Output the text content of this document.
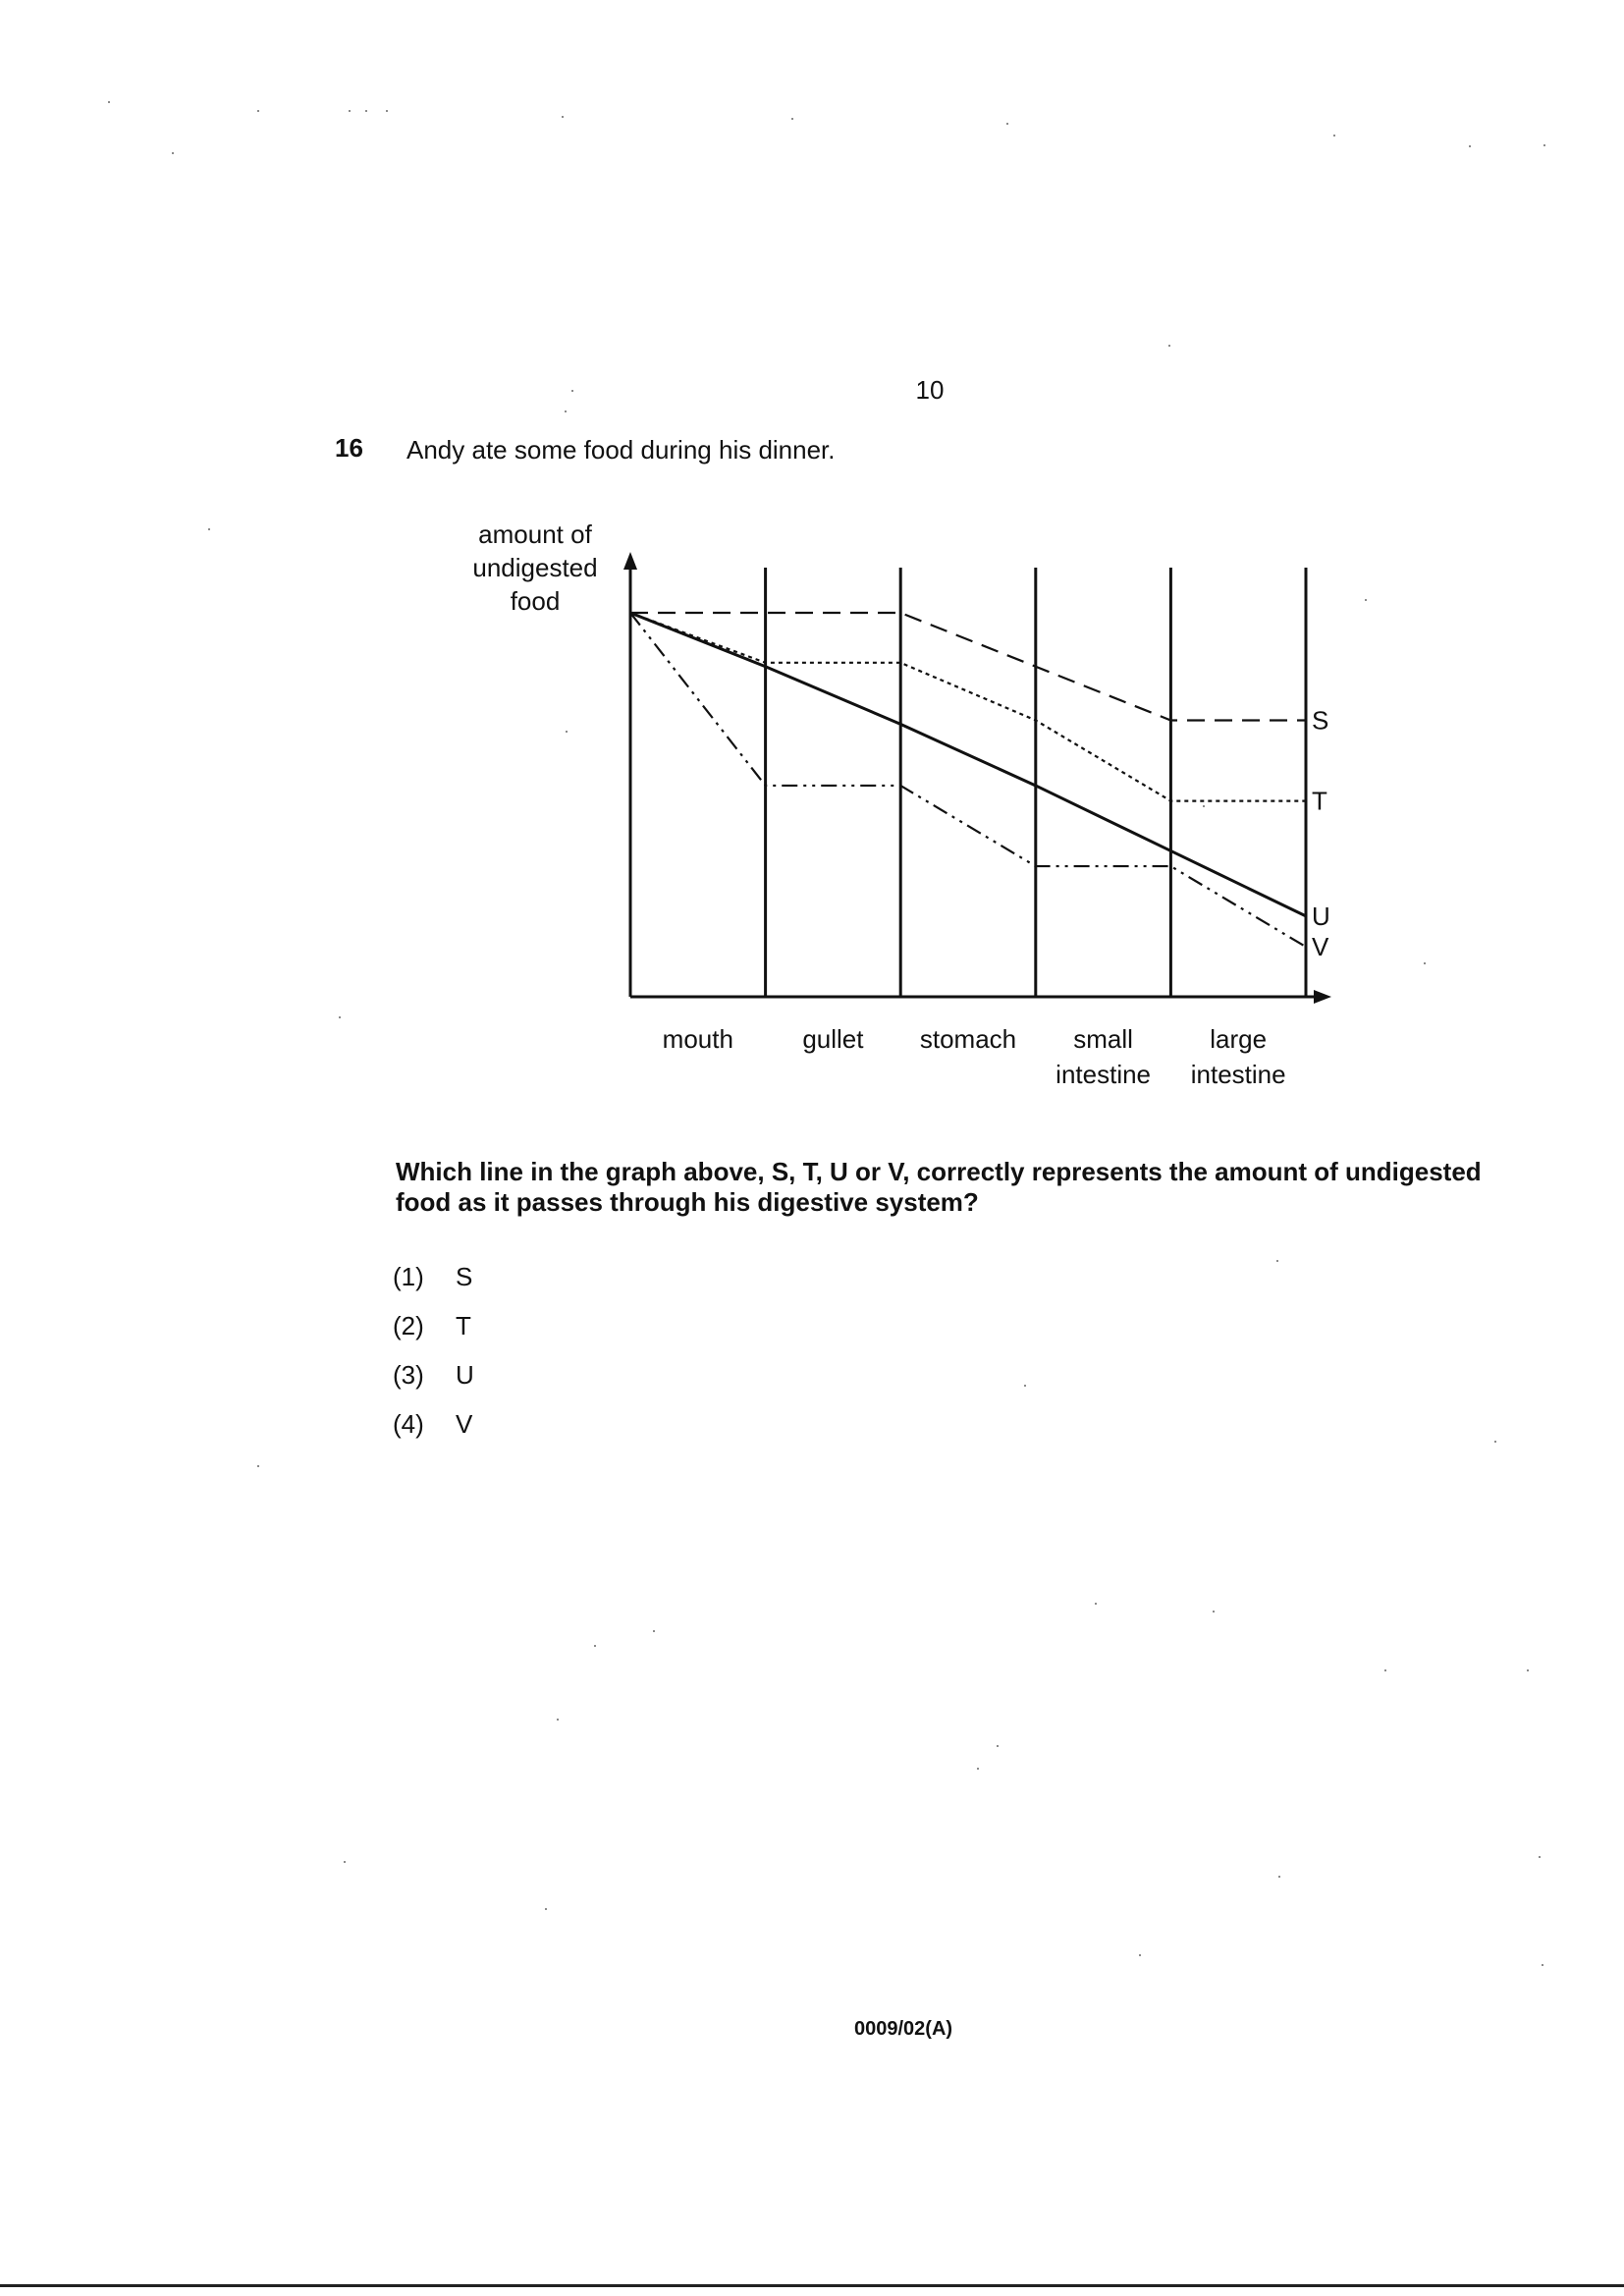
10
16 Andy ate some food during his dinner.
amount of
undigested
food
S
T
U
V
mouth	gullet stomach small
intestine
large
intestine
Which line in the graph above, S, T, U or V, correctly represents the amount of undigested
food as it passes through his digestive system?
(1)	S
(2)	T
(3)	U
(4)	V
0009/02(A)
